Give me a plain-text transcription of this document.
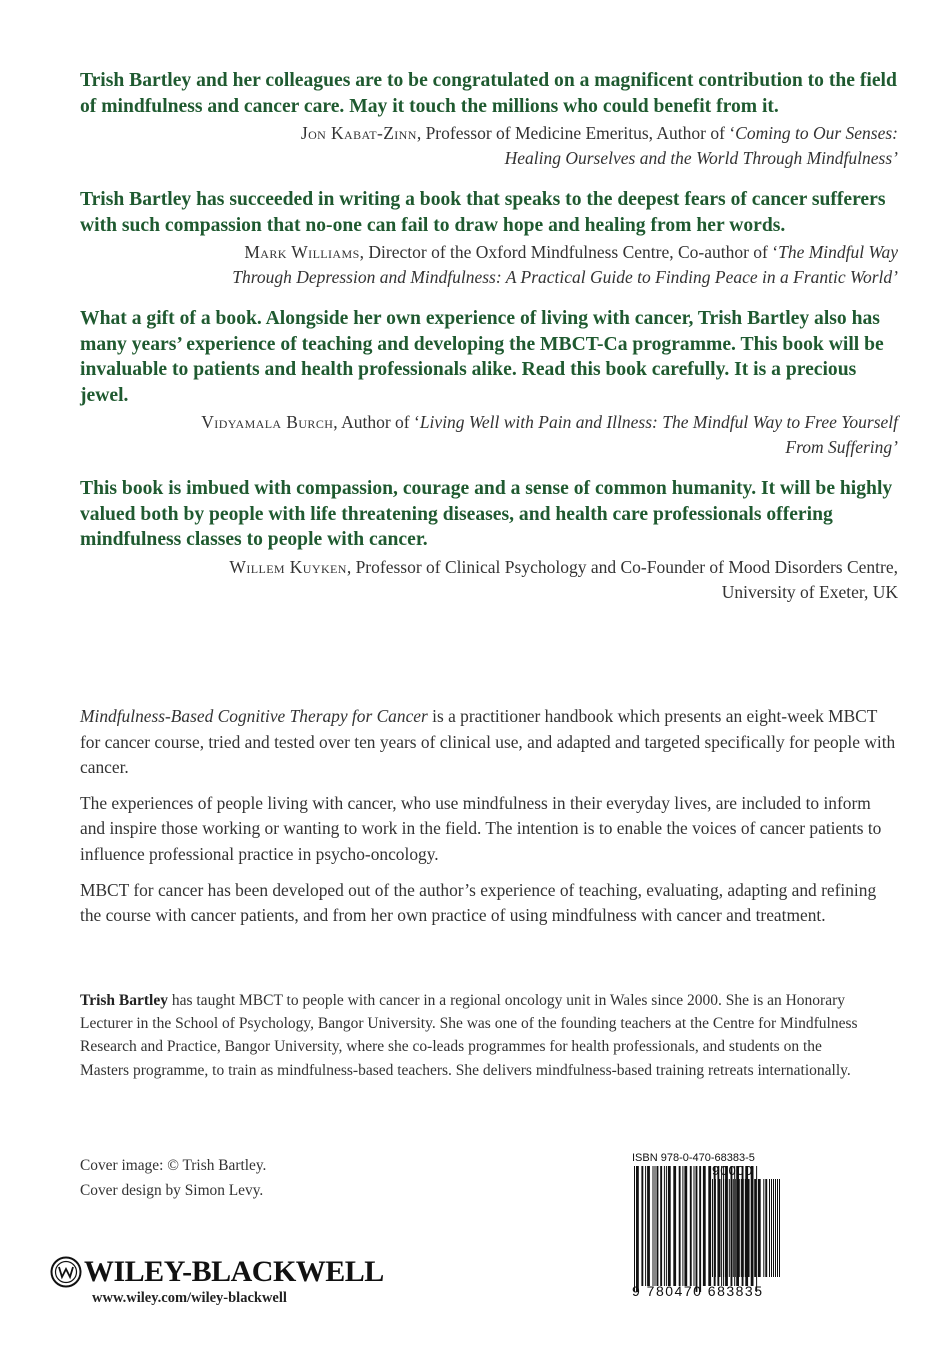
Trish Bartley and her colleagues are to be congratulated on a magnificent contribution to the field of mindfulness and cancer care. May it touch the millions who could benefit from it.

Jon Kabat-Zinn, Professor of Medicine Emeritus, Author of ‘Coming to Our Senses:
Healing Ourselves and the World Through Mindfulness’

Trish Bartley has succeeded in writing a book that speaks to the deepest fears of cancer sufferers with such compassion that no-one can fail to draw hope and healing from her words.

Mark Williams, Director of the Oxford Mindfulness Centre, Co-author of ‘The Mindful Way
Through Depression and Mindfulness: A Practical Guide to Finding Peace in a Frantic World’

What a gift of a book. Alongside her own experience of living with cancer, Trish Bartley also has many years’ experience of teaching and developing the MBCT-Ca programme. This book will be invaluable to patients and health professionals alike. Read this book carefully. It is a precious jewel.

Vidyamala Burch, Author of ‘Living Well with Pain and Illness: The Mindful Way to Free Yourself
From Suffering’

This book is imbued with compassion, courage and a sense of common humanity. It will be highly valued both by people with life threatening diseases, and health care professionals offering mindfulness classes to people with cancer.

Willem Kuyken, Professor of Clinical Psychology and Co-Founder of Mood Disorders Centre,
University of Exeter, UK

Mindfulness-Based Cognitive Therapy for Cancer is a practitioner handbook which presents an eight-week MBCT for cancer course, tried and tested over ten years of clinical use, and adapted and targeted specifically for people with cancer.

The experiences of people living with cancer, who use mindfulness in their everyday lives, are included to inform and inspire those working or wanting to work in the field. The intention is to enable the voices of cancer patients to influence professional practice in psycho-oncology.

MBCT for cancer has been developed out of the author’s experience of teaching, evaluating, adapting and refining the course with cancer patients, and from her own practice of using mindfulness with cancer and treatment.

Trish Bartley has taught MBCT to people with cancer in a regional oncology unit in Wales since 2000. She is an Honorary Lecturer in the School of Psychology, Bangor University. She was one of the founding teachers at the Centre for Mindfulness Research and Practice, Bangor University, where she co-leads programmes for health professionals, and students on the Masters programme, to train as mindfulness-based teachers. She delivers mindfulness-based training retreats internationally.

Cover image: © Trish Bartley.
Cover design by Simon Levy.
WILEY-BLACKWELL
www.wiley.com/wiley-blackwell
ISBN 978-0-470-68383-5
90000
9 780470 683835
